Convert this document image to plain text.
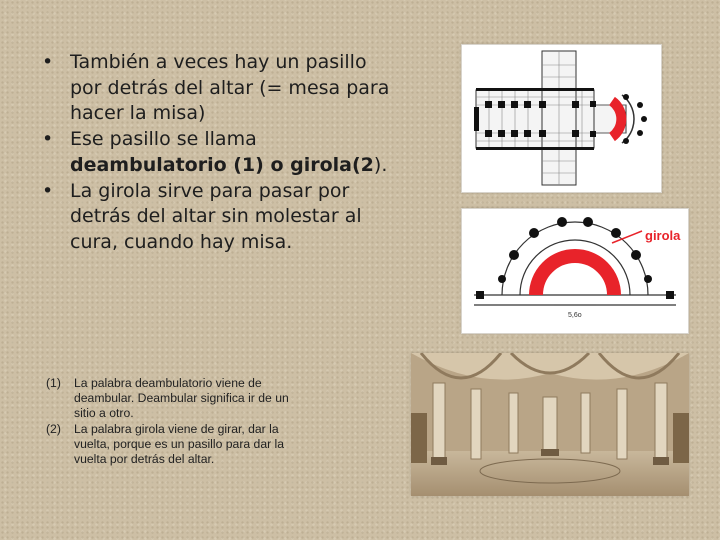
• También a veces hay un pasillo por detrás del altar (= mesa para hacer la misa)
• Ese pasillo se llama deambulatorio (1) o girola(2).
• La girola sirve para pasar por detrás del altar sin molestar al cura, cuando hay misa.
(1) La palabra deambulatorio viene de deambular. Deambular significa ir de un sitio a otro.
(2) La palabra girola viene de girar, dar la vuelta, porque es un pasillo para dar la vuelta por detrás del altar.
girola
5,6o
